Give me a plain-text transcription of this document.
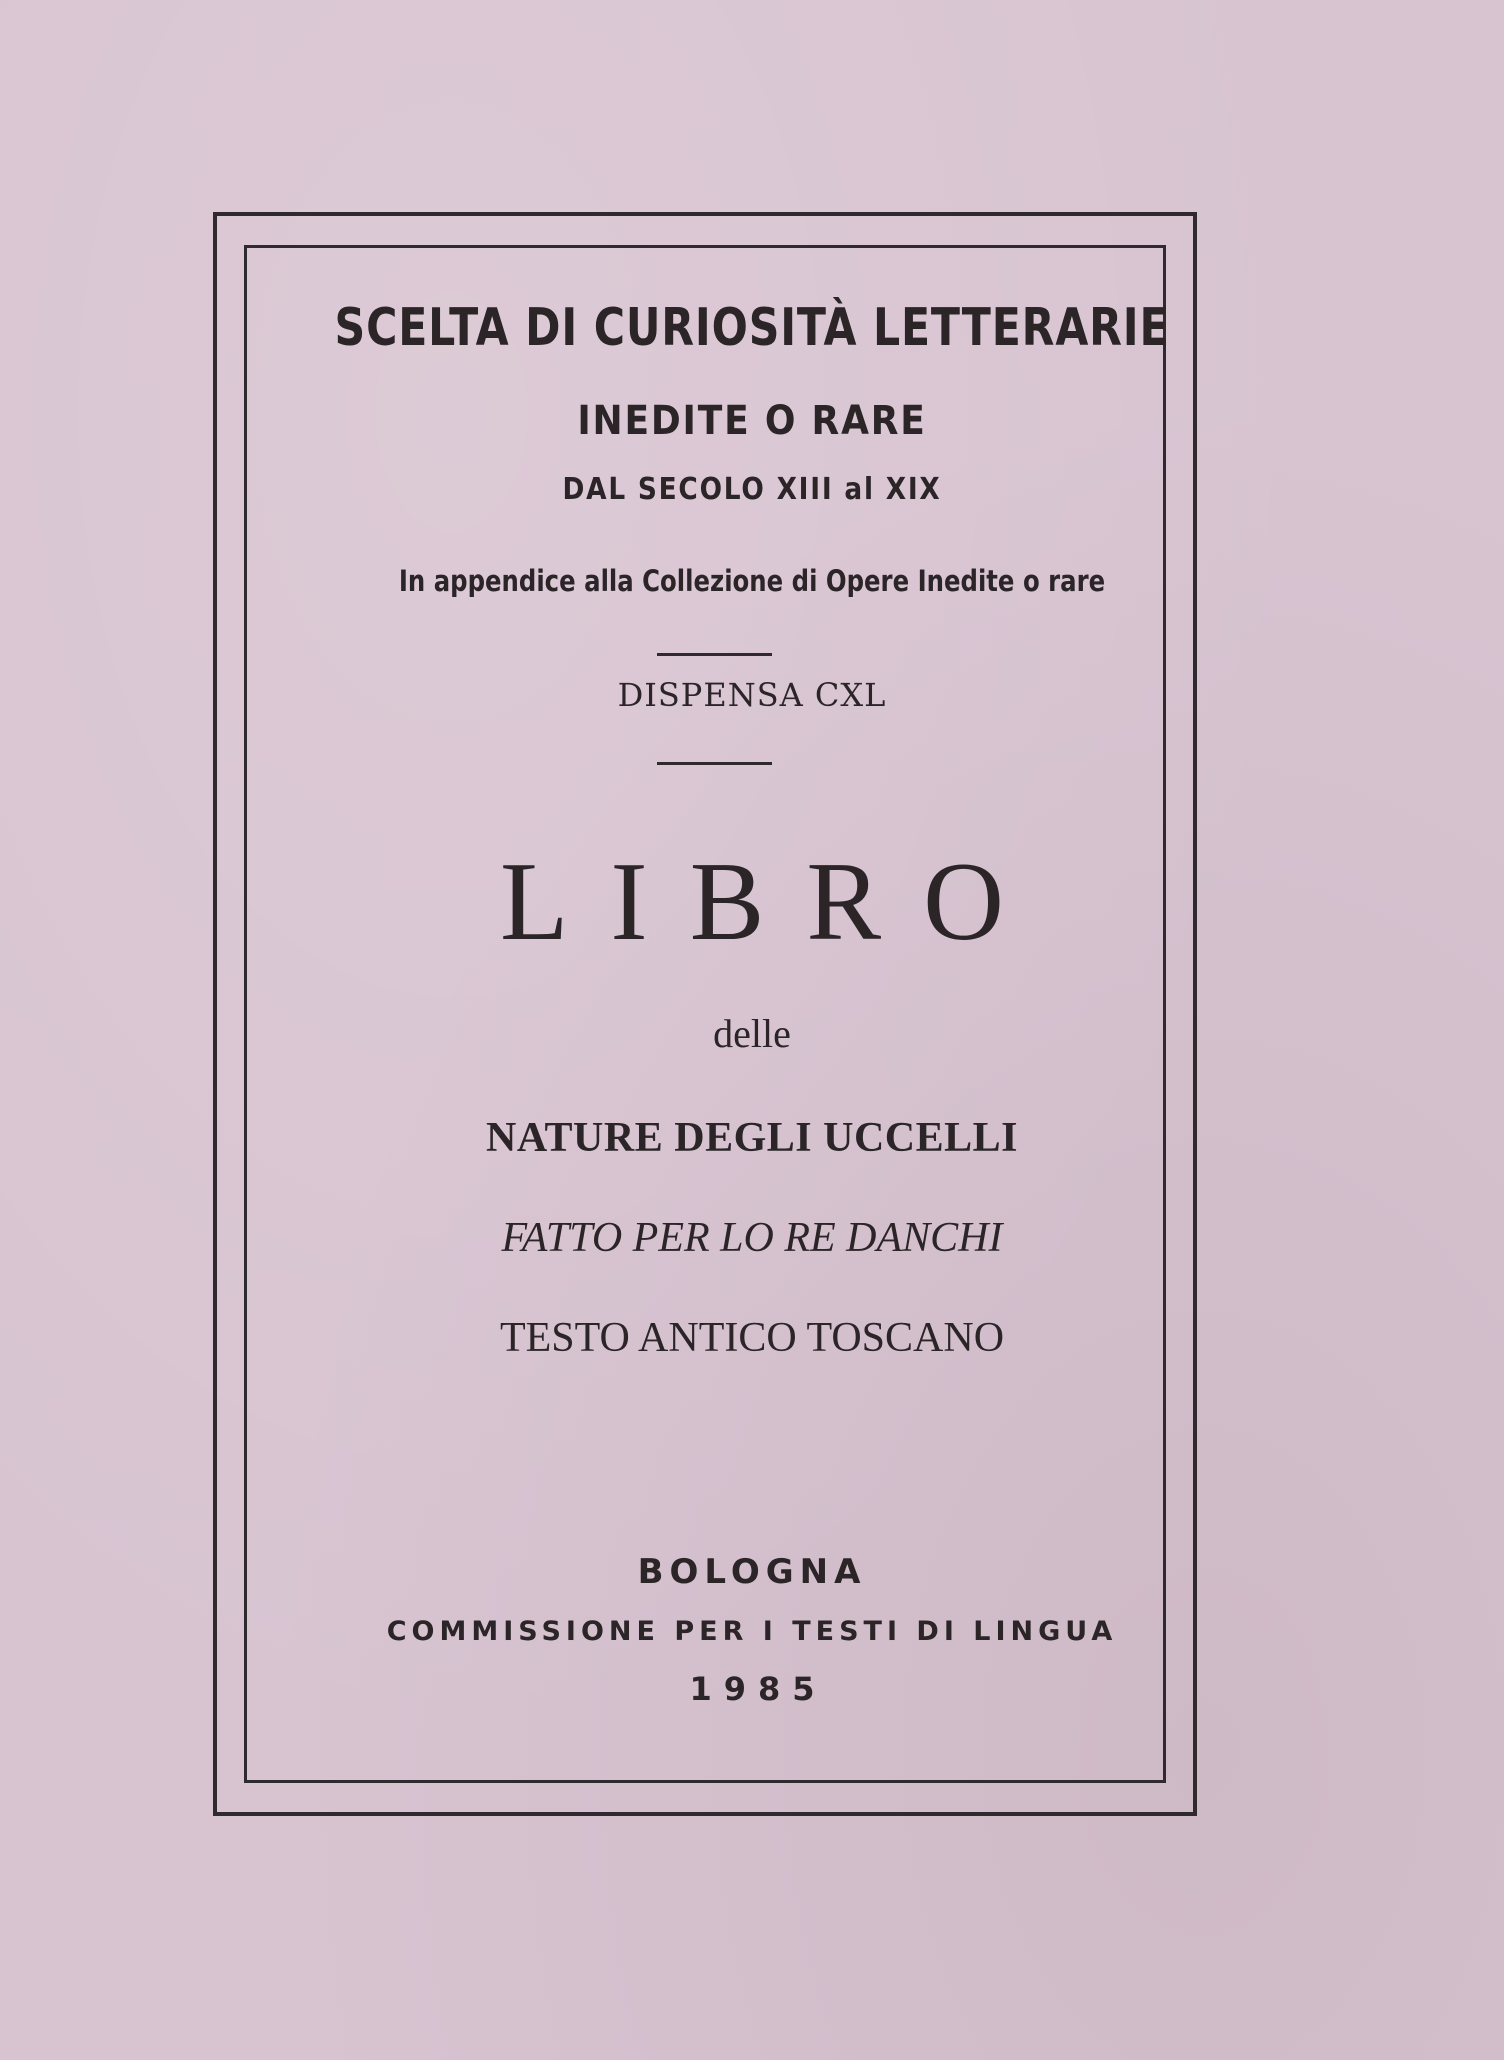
SCELTA DI CURIOSITÀ LETTERARIE
INEDITE O RARE
DAL SECOLO XIII al XIX
In appendice alla Collezione di Opere Inedite o rare
DISPENSA CXL
LIBRO
delle
NATURE DEGLI UCCELLI
FATTO PER LO RE DANCHI
TESTO ANTICO TOSCANO
BOLOGNA
COMMISSIONE PER I TESTI DI LINGUA
1985
